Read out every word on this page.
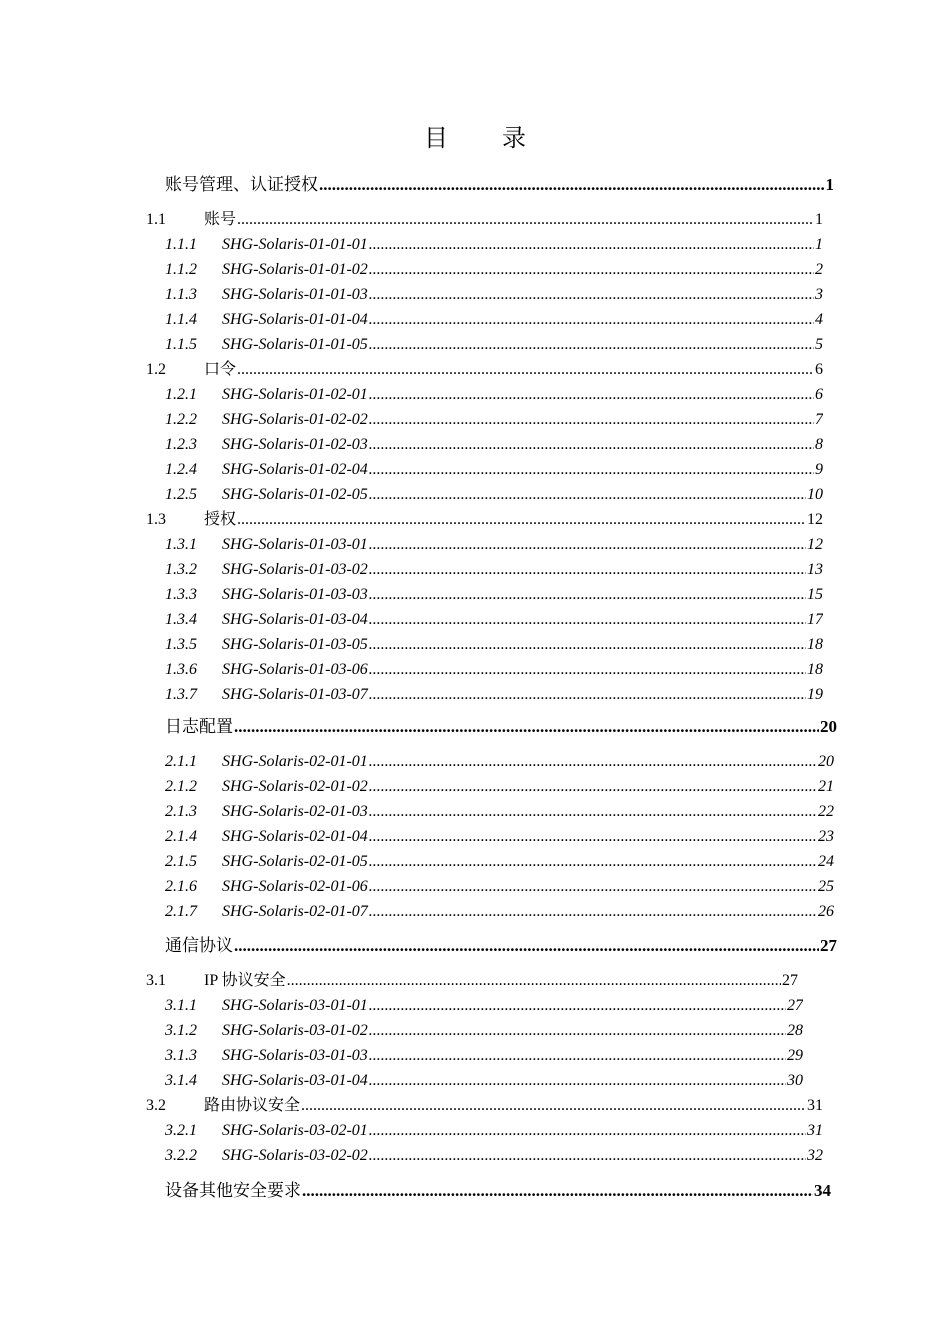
目 录
账号管理、认证授权 .....	1
1.1	账号 .....	1
1.1.1	SHG-Solaris-01-01-01 .....	1
1.1.2	SHG-Solaris-01-01-02 .....	2
1.1.3	SHG-Solaris-01-01-03 .....	3
1.1.4	SHG-Solaris-01-01-04 .....	4
1.1.5	SHG-Solaris-01-01-05 .....	5
1.2	口令 .....	6
1.2.1	SHG-Solaris-01-02-01 .....	6
1.2.2	SHG-Solaris-01-02-02 .....	7
1.2.3	SHG-Solaris-01-02-03 .....	8
1.2.4	SHG-Solaris-01-02-04 .....	9
1.2.5	SHG-Solaris-01-02-05 .....	10
1.3	授权 .....	12
1.3.1	SHG-Solaris-01-03-01 .....	12
1.3.2	SHG-Solaris-01-03-02 .....	13
1.3.3	SHG-Solaris-01-03-03 .....	15
1.3.4	SHG-Solaris-01-03-04 .....	17
1.3.5	SHG-Solaris-01-03-05 .....	18
1.3.6	SHG-Solaris-01-03-06 .....	18
1.3.7	SHG-Solaris-01-03-07 .....	19
日志配置 .....	20
2.1.1	SHG-Solaris-02-01-01 .....	20
2.1.2	SHG-Solaris-02-01-02 .....	21
2.1.3	SHG-Solaris-02-01-03 .....	22
2.1.4	SHG-Solaris-02-01-04 .....	23
2.1.5	SHG-Solaris-02-01-05 .....	24
2.1.6	SHG-Solaris-02-01-06 .....	25
2.1.7	SHG-Solaris-02-01-07 .....	26
通信协议 .....	27
3.1	IP 协议安全 .....	27
3.1.1	SHG-Solaris-03-01-01 .....	27
3.1.2	SHG-Solaris-03-01-02 .....	28
3.1.3	SHG-Solaris-03-01-03 .....	29
3.1.4	SHG-Solaris-03-01-04 .....	30
3.2	路由协议安全 .....	31
3.2.1	SHG-Solaris-03-02-01 .....	31
3.2.2	SHG-Solaris-03-02-02 .....	32
设备其他安全要求 .....	34
